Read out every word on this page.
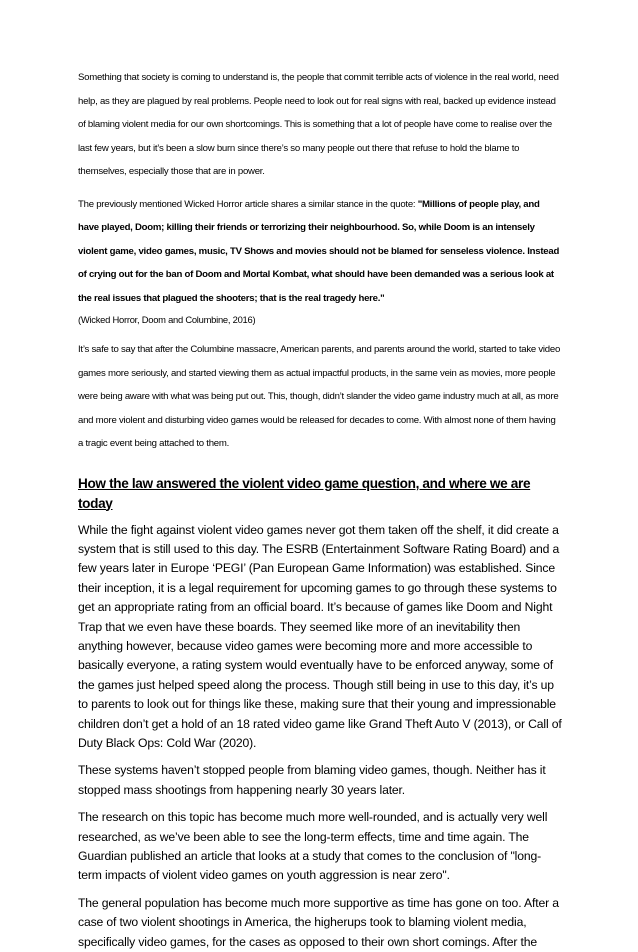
Something that society is coming to understand is, the people that commit terrible acts of violence in the real world, need help, as they are plagued by real problems. People need to look out for real signs with real, backed up evidence instead of blaming violent media for our own shortcomings. This is something that a lot of people have come to realise over the last few years, but it’s been a slow burn since there’s so many people out there that refuse to hold the blame to themselves, especially those that are in power.

The previously mentioned Wicked Horror article shares a similar stance in the quote: "Millions of people play, and have played, Doom; killing their friends or terrorizing their neighbourhood. So, while Doom is an intensely violent game, video games, music, TV Shows and movies should not be blamed for senseless violence. Instead of crying out for the ban of Doom and Mortal Kombat, what should have been demanded was a serious look at the real issues that plagued the shooters; that is the real tragedy here."

(Wicked Horror, Doom and Columbine, 2016)

It’s safe to say that after the Columbine massacre, American parents, and parents around the world, started to take video games more seriously, and started viewing them as actual impactful products, in the same vein as movies, more people were being aware with what was being put out. This, though, didn’t slander the video game industry much at all, as more and more violent and disturbing video games would be released for decades to come. With almost none of them having a tragic event being attached to them.

How the law answered the violent video game question, and where we are today

While the fight against violent video games never got them taken off the shelf, it did create a system that is still used to this day. The ESRB (Entertainment Software Rating Board) and a few years later in Europe ‘PEGI’ (Pan European Game Information) was established. Since their inception, it is a legal requirement for upcoming games to go through these systems to get an appropriate rating from an official board. It’s because of games like Doom and Night Trap that we even have these boards. They seemed like more of an inevitability then anything however, because video games were becoming more and more accessible to basically everyone, a rating system would eventually have to be enforced anyway, some of the games just helped speed along the process. Though still being in use to this day, it’s up to parents to look out for things like these, making sure that their young and impressionable children don’t get a hold of an 18 rated video game like Grand Theft Auto V (2013), or Call of Duty Black Ops: Cold War (2020).

These systems haven’t stopped people from blaming video games, though. Neither has it stopped mass shootings from happening nearly 30 years later.

The research on this topic has become much more well-rounded, and is actually very well researched, as we’ve been able to see the long-term effects, time and time again. The Guardian published an article that looks at a study that comes to the conclusion of "long-term impacts of violent video games on youth aggression is near zero".

The general population has become much more supportive as time has gone on too. After a case of two violent shootings in America, the higherups took to blaming violent media, specifically video games, for the cases as opposed to their own short comings. After the
